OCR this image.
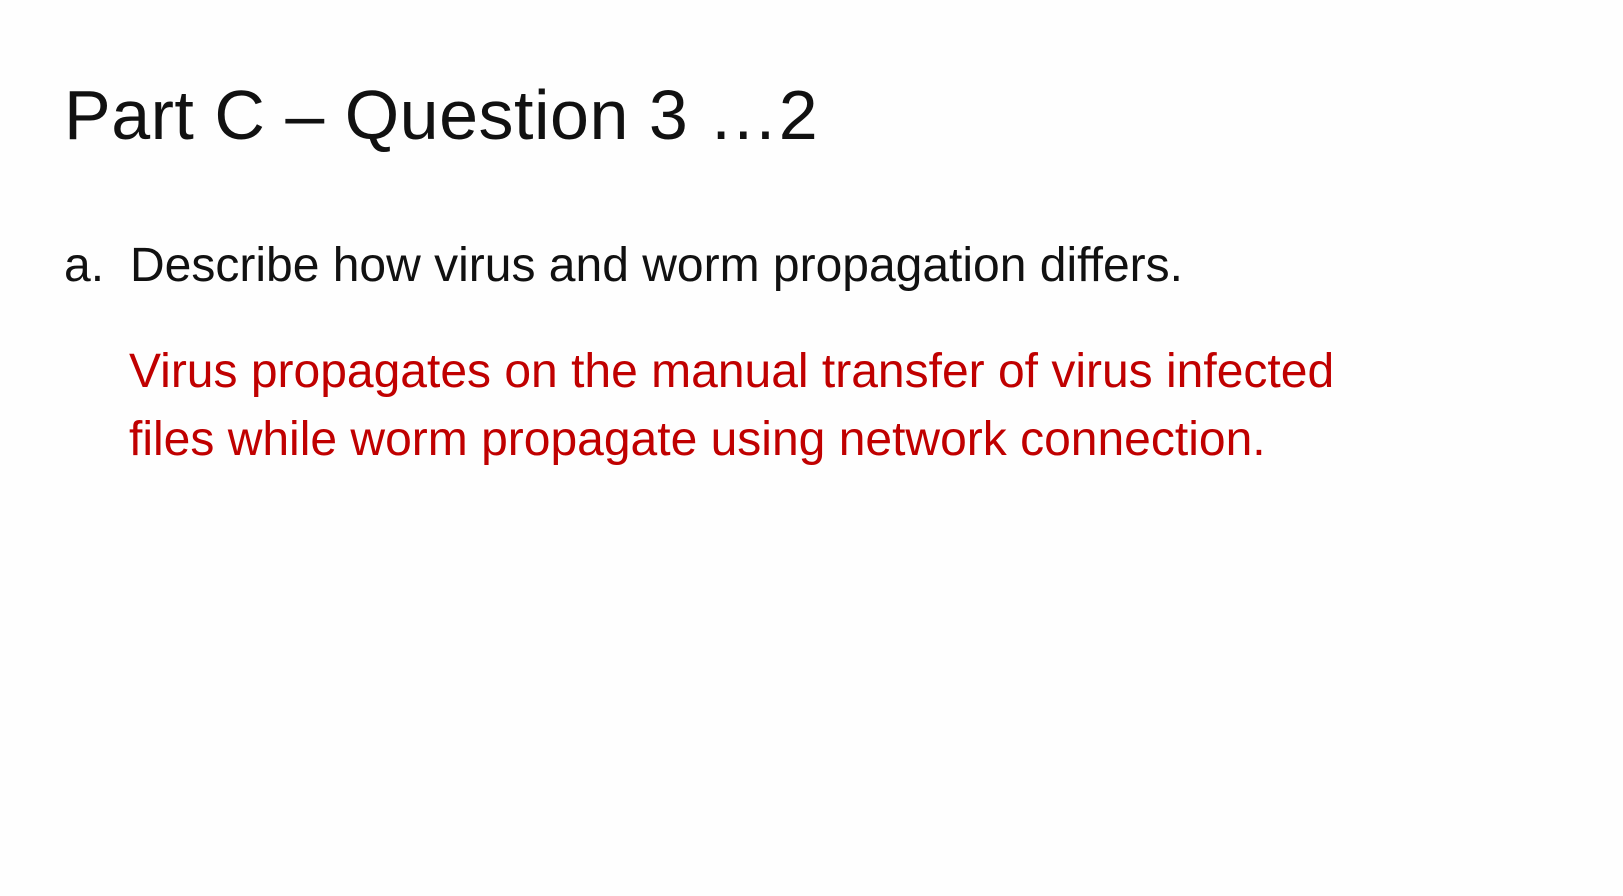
Part C – Question 3 …2
a. Describe how virus and worm propagation differs.
Virus propagates on the manual transfer of virus infected
files while worm propagate using network connection.
